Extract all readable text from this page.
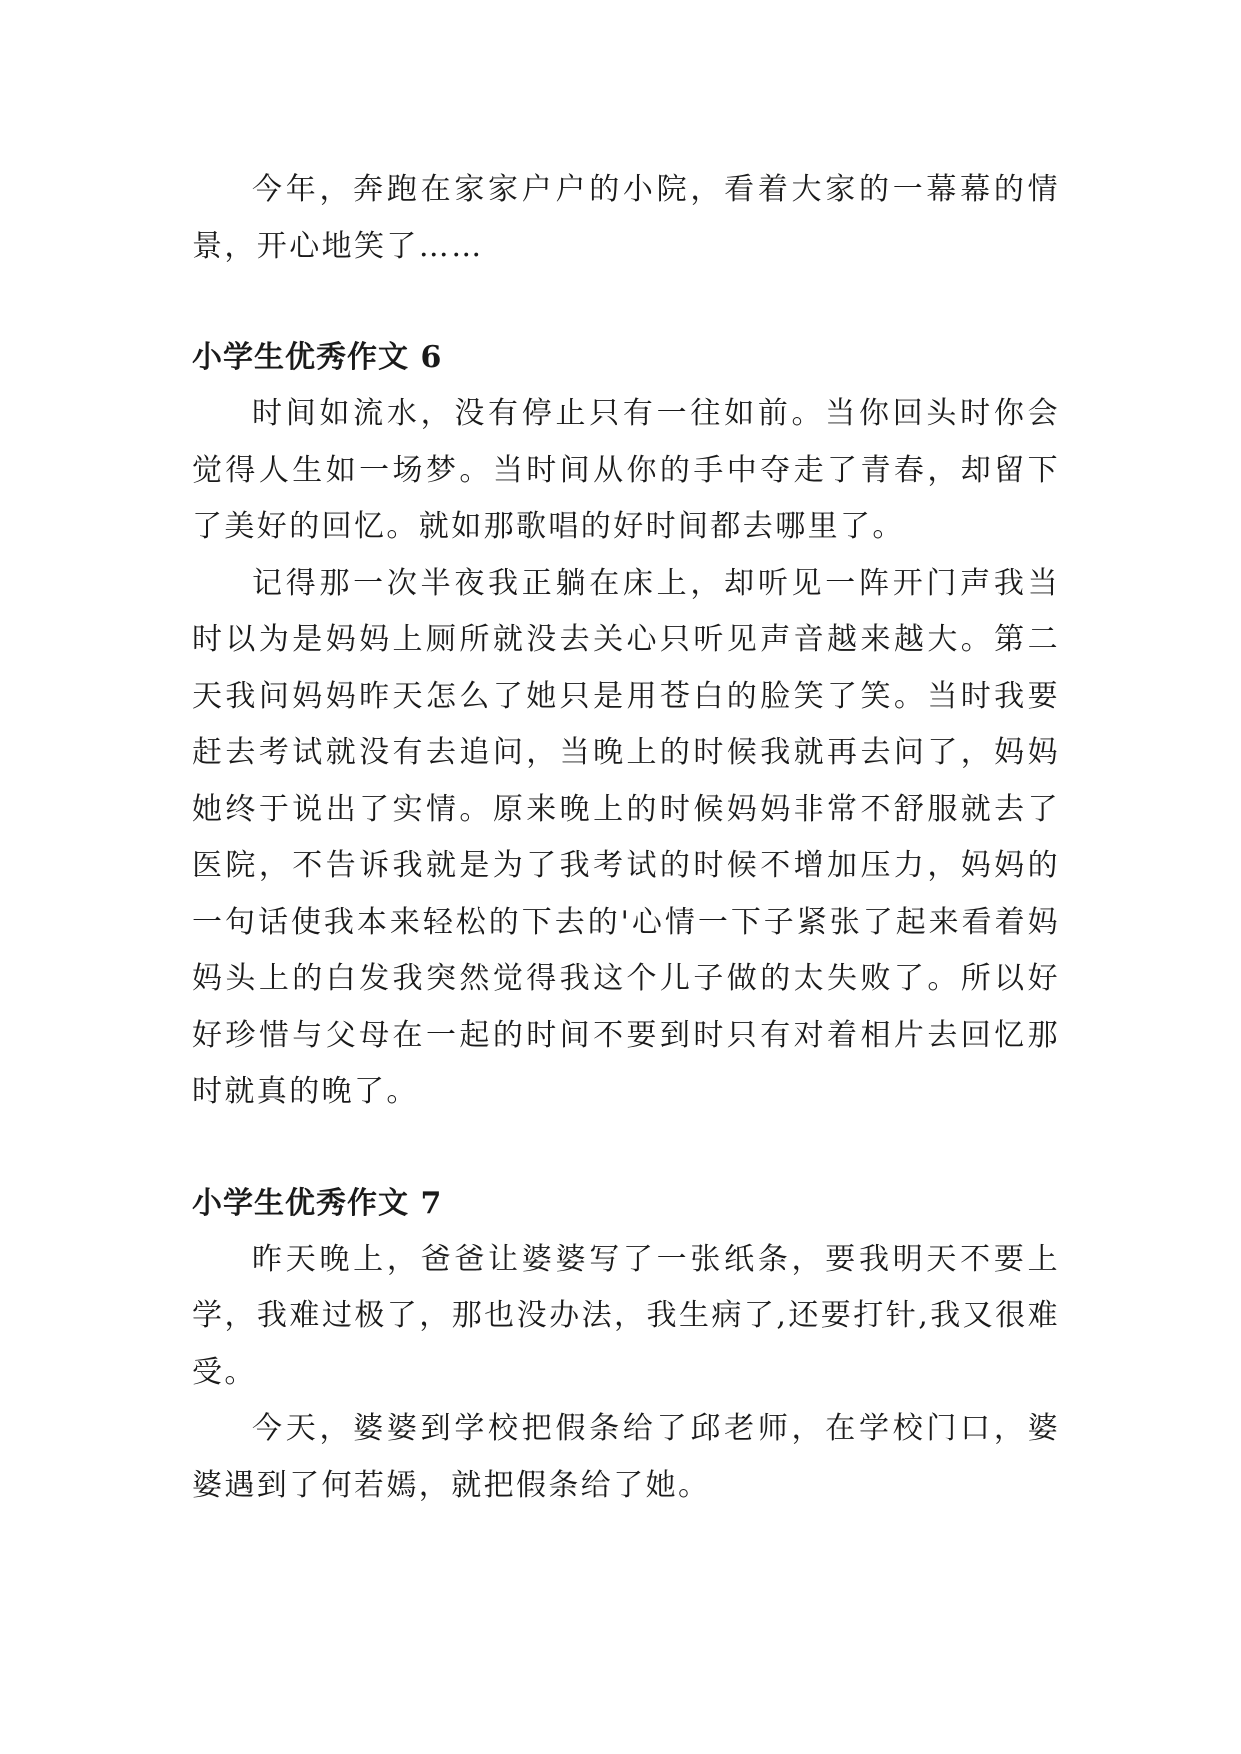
今年，奔跑在家家户户的小院，看着大家的一幕幕的情景，开心地笑了……

小学生优秀作文 6

时间如流水，没有停止只有一往如前。当你回头时你会觉得人生如一场梦。当时间从你的手中夺走了青春，却留下了美好的回忆。就如那歌唱的好时间都去哪里了。

记得那一次半夜我正躺在床上，却听见一阵开门声我当时以为是妈妈上厕所就没去关心只听见声音越来越大。第二天我问妈妈昨天怎么了她只是用苍白的脸笑了笑。当时我要赶去考试就没有去追问，当晚上的时候我就再去问了，妈妈她终于说出了实情。原来晚上的时候妈妈非常不舒服就去了医院，不告诉我就是为了我考试的时候不增加压力，妈妈的一句话使我本来轻松的下去的'心情一下子紧张了起来看着妈妈头上的白发我突然觉得我这个儿子做的太失败了。所以好好珍惜与父母在一起的时间不要到时只有对着相片去回忆那时就真的晚了。

小学生优秀作文 7

昨天晚上，爸爸让婆婆写了一张纸条，要我明天不要上学，我难过极了，那也没办法，我生病了,还要打针,我又很难受。

今天，婆婆到学校把假条给了邱老师，在学校门口，婆婆遇到了何若嫣，就把假条给了她。
